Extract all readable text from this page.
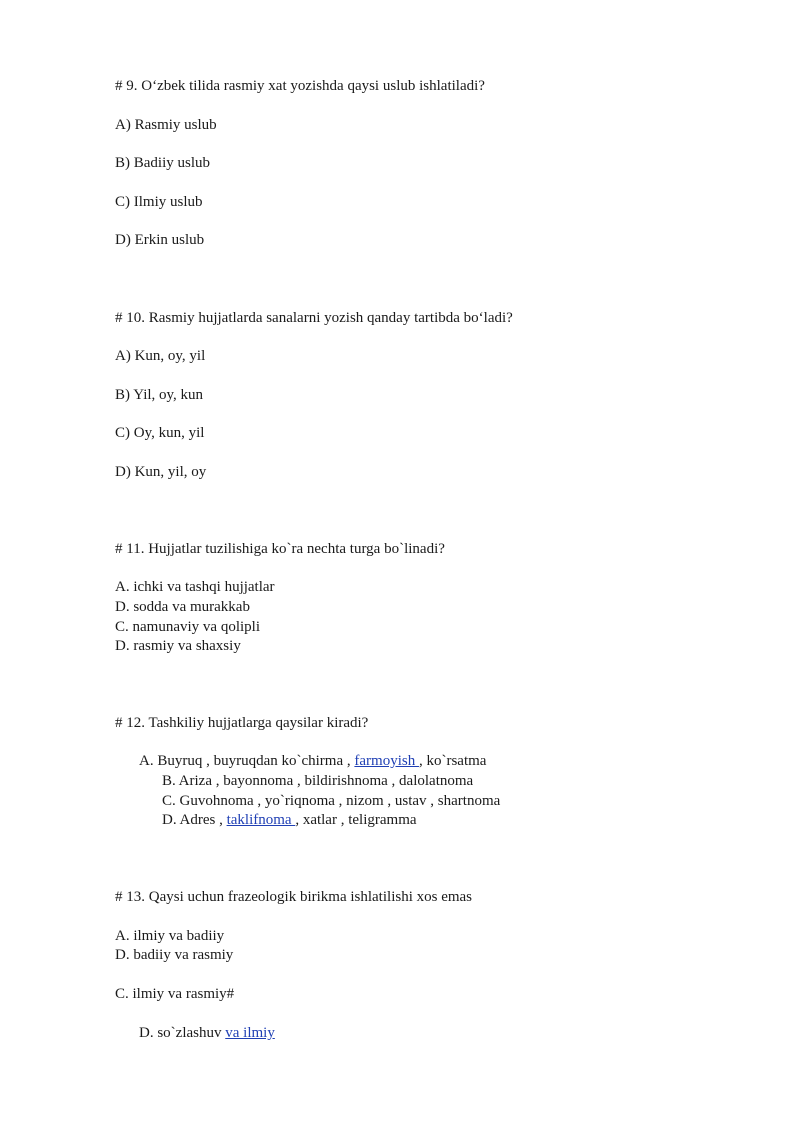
# 9. O‘zbek tilida rasmiy xat yozishda qaysi uslub ishlatiladi?
A) Rasmiy uslub
B) Badiiy uslub
C) Ilmiy uslub
D) Erkin uslub
# 10. Rasmiy hujjatlarda sanalarni yozish qanday tartibda bo‘ladi?
A) Kun, oy, yil
B) Yil, oy, kun
C) Oy, kun, yil
D) Kun, yil, oy
# 11. Hujjatlar tuzilishiga ko`ra nechta turga bo`linadi?
A. ichki va tashqi hujjatlar
D. sodda va murakkab
C. namunaviy va qolipli
D. rasmiy va shaxsiy
# 12. Tashkiliy hujjatlarga qaysilar kiradi?
A. Buyruq , buyruqdan ko`chirma , farmoyish , ko`rsatma
B. Ariza , bayonnoma , bildirishnoma , dalolatnoma
C. Guvohnoma , yo`riqnoma , nizom , ustav , shartnoma
D. Adres , taklifnoma , xatlar , teligramma
# 13. Qaysi uchun frazeologik birikma ishlatilishi xos emas
A. ilmiy va badiiy
D. badiiy va rasmiy
C. ilmiy va rasmiy#
D. so`zlashuv va ilmiy
